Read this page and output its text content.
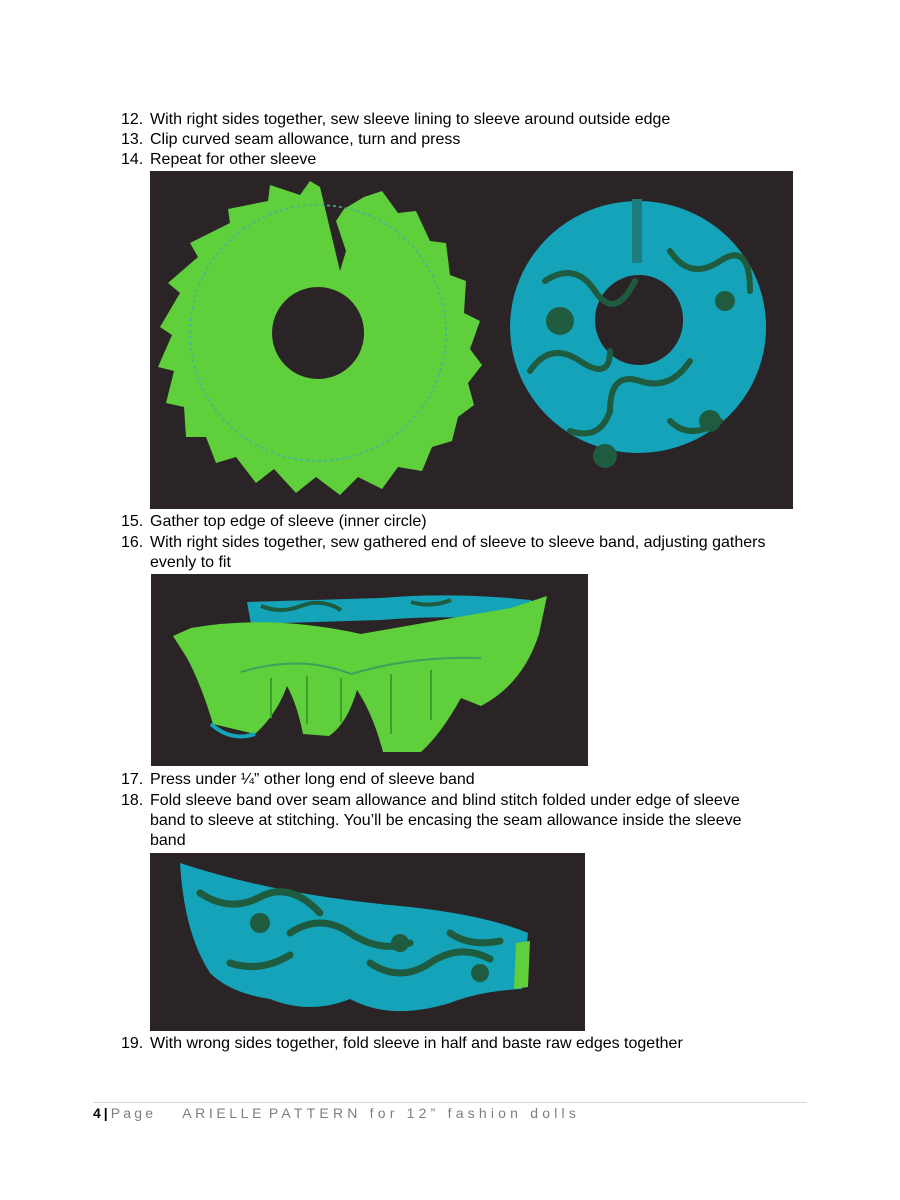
12. With right sides together, sew sleeve lining to sleeve around outside edge
13. Clip curved seam allowance, turn and press
14. Repeat for other sleeve
15. Gather top edge of sleeve (inner circle)
16. With right sides together, sew gathered end of sleeve to sleeve band, adjusting gathers
evenly to fit
17. Press under ¼” other long end of sleeve band
18. Fold sleeve band over seam allowance and blind stitch folded under edge of sleeve
band to sleeve at stitching. You’ll be encasing the seam allowance inside the sleeve
band
19. With wrong sides together, fold sleeve in half and baste raw edges together
4 | Page ARIELLE PATTERN for 12” fashion dolls
